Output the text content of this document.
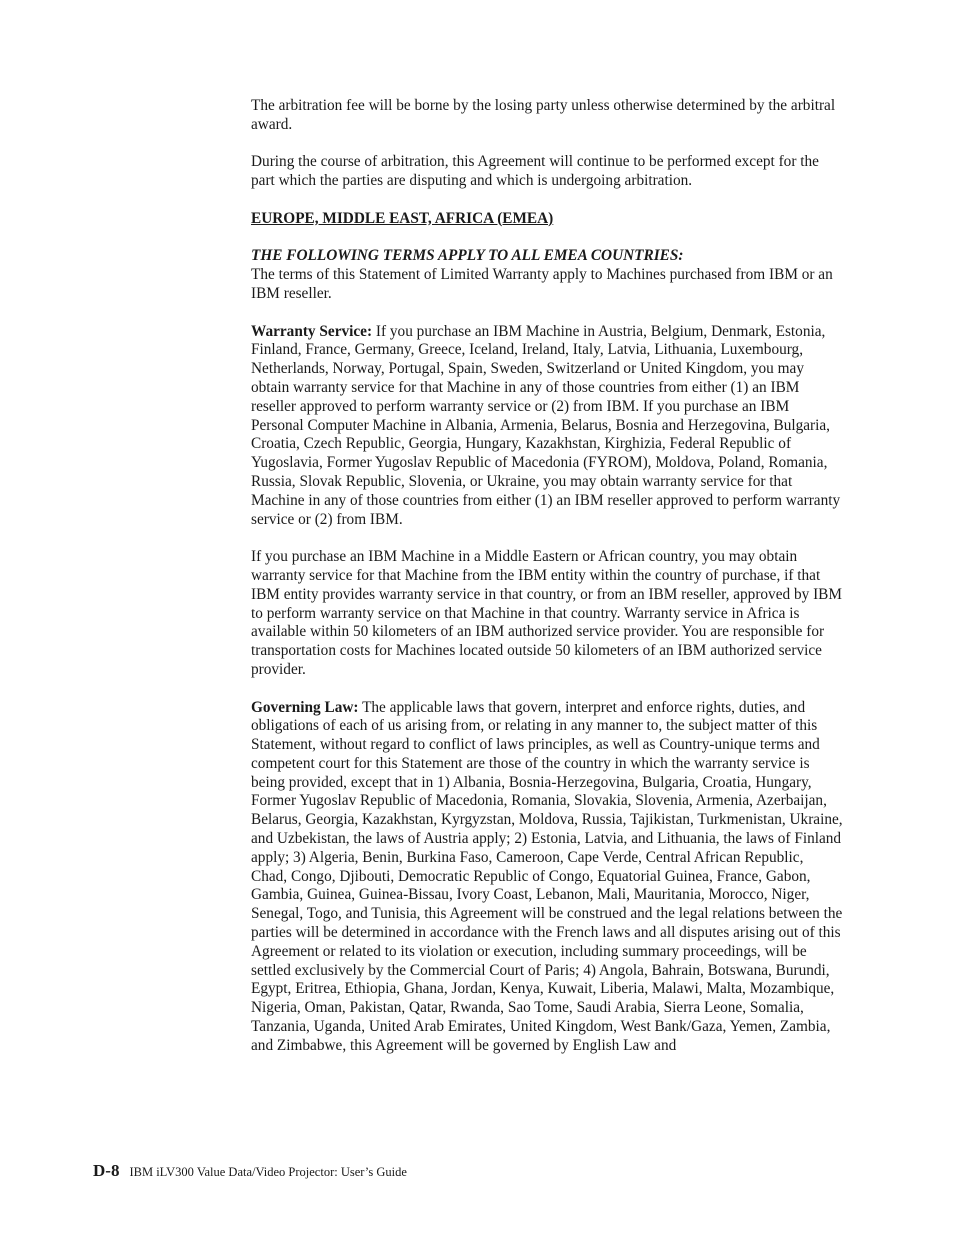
The arbitration fee will be borne by the losing party unless otherwise determined by the arbitral award.

During the course of arbitration, this Agreement will continue to be performed except for the part which the parties are disputing and which is undergoing arbitration.

EUROPE, MIDDLE EAST, AFRICA (EMEA)

THE FOLLOWING TERMS APPLY TO ALL EMEA COUNTRIES:
The terms of this Statement of Limited Warranty apply to Machines purchased from IBM or an IBM reseller.

Warranty Service: If you purchase an IBM Machine in Austria, Belgium, Denmark, Estonia, Finland, France, Germany, Greece, Iceland, Ireland, Italy, Latvia, Lithuania, Luxembourg, Netherlands, Norway, Portugal, Spain, Sweden, Switzerland or United Kingdom, you may obtain warranty service for that Machine in any of those countries from either (1) an IBM reseller approved to perform warranty service or (2) from IBM. If you purchase an IBM Personal Computer Machine in Albania, Armenia, Belarus, Bosnia and Herzegovina, Bulgaria, Croatia, Czech Republic, Georgia, Hungary, Kazakhstan, Kirghizia, Federal Republic of Yugoslavia, Former Yugoslav Republic of Macedonia (FYROM), Moldova, Poland, Romania, Russia, Slovak Republic, Slovenia, or Ukraine, you may obtain warranty service for that Machine in any of those countries from either (1) an IBM reseller approved to perform warranty service or (2) from IBM.

If you purchase an IBM Machine in a Middle Eastern or African country, you may obtain warranty service for that Machine from the IBM entity within the country of purchase, if that IBM entity provides warranty service in that country, or from an IBM reseller, approved by IBM to perform warranty service on that Machine in that country. Warranty service in Africa is available within 50 kilometers of an IBM authorized service provider. You are responsible for transportation costs for Machines located outside 50 kilometers of an IBM authorized service provider.

Governing Law: The applicable laws that govern, interpret and enforce rights, duties, and obligations of each of us arising from, or relating in any manner to, the subject matter of this Statement, without regard to conflict of laws principles, as well as Country-unique terms and competent court for this Statement are those of the country in which the warranty service is being provided, except that in 1) Albania, Bosnia-Herzegovina, Bulgaria, Croatia, Hungary, Former Yugoslav Republic of Macedonia, Romania, Slovakia, Slovenia, Armenia, Azerbaijan, Belarus, Georgia, Kazakhstan, Kyrgyzstan, Moldova, Russia, Tajikistan, Turkmenistan, Ukraine, and Uzbekistan, the laws of Austria apply; 2) Estonia, Latvia, and Lithuania, the laws of Finland apply; 3) Algeria, Benin, Burkina Faso, Cameroon, Cape Verde, Central African Republic, Chad, Congo, Djibouti, Democratic Republic of Congo, Equatorial Guinea, France, Gabon, Gambia, Guinea, Guinea-Bissau, Ivory Coast, Lebanon, Mali, Mauritania, Morocco, Niger, Senegal, Togo, and Tunisia, this Agreement will be construed and the legal relations between the parties will be determined in accordance with the French laws and all disputes arising out of this Agreement or related to its violation or execution, including summary proceedings, will be settled exclusively by the Commercial Court of Paris; 4) Angola, Bahrain, Botswana, Burundi, Egypt, Eritrea, Ethiopia, Ghana, Jordan, Kenya, Kuwait, Liberia, Malawi, Malta, Mozambique, Nigeria, Oman, Pakistan, Qatar, Rwanda, Sao Tome, Saudi Arabia, Sierra Leone, Somalia, Tanzania, Uganda, United Arab Emirates, United Kingdom, West Bank/Gaza, Yemen, Zambia, and Zimbabwe, this Agreement will be governed by English Law and

D-8 IBM iLV300 Value Data/Video Projector: User’s Guide
